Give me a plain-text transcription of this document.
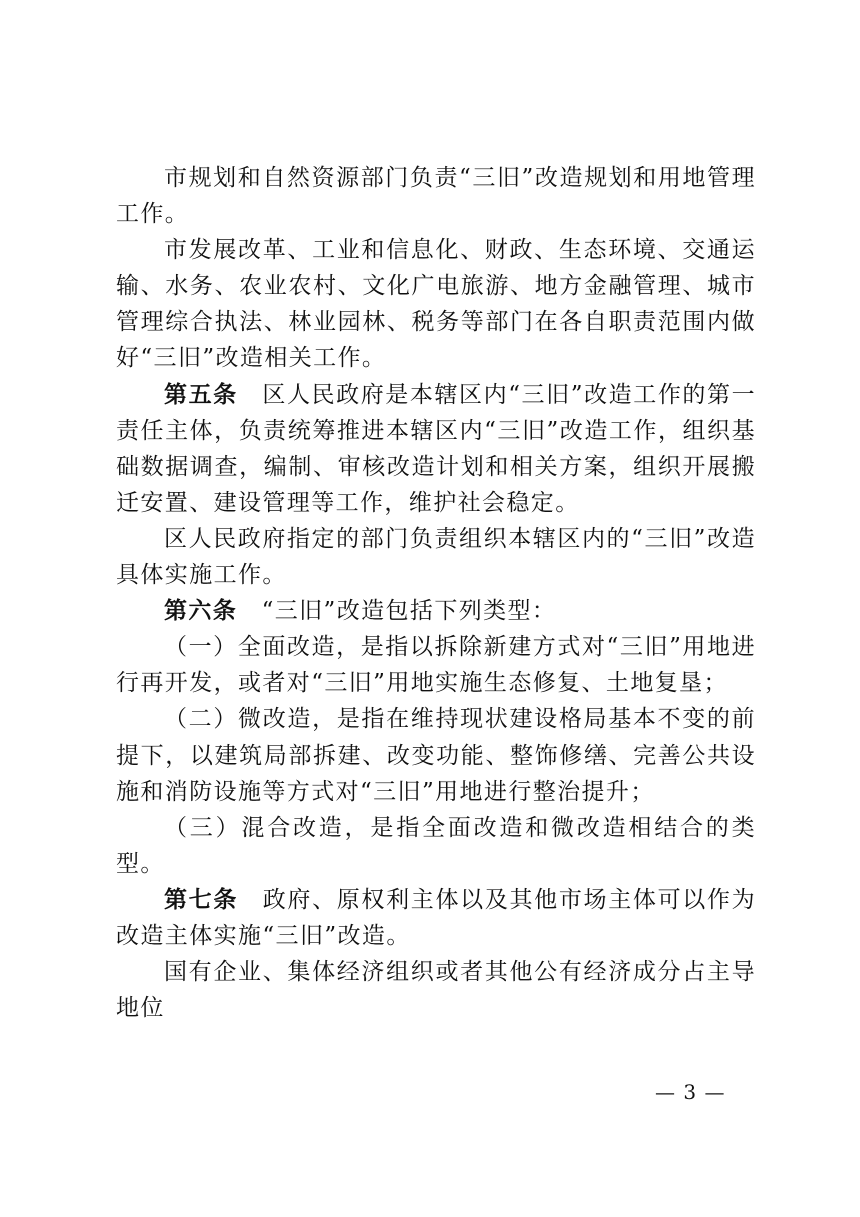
市规划和自然资源部门负责“三旧”改造规划和用地管理工作。

市发展改革、工业和信息化、财政、生态环境、交通运输、水务、农业农村、文化广电旅游、地方金融管理、城市管理综合执法、林业园林、税务等部门在各自职责范围内做好“三旧”改造相关工作。

第五条　区人民政府是本辖区内“三旧”改造工作的第一责任主体，负责统筹推进本辖区内“三旧”改造工作，组织基础数据调查，编制、审核改造计划和相关方案，组织开展搬迁安置、建设管理等工作，维护社会稳定。

区人民政府指定的部门负责组织本辖区内的“三旧”改造具体实施工作。

第六条　“三旧”改造包括下列类型：

（一）全面改造，是指以拆除新建方式对“三旧”用地进行再开发，或者对“三旧”用地实施生态修复、土地复垦；

（二）微改造，是指在维持现状建设格局基本不变的前提下，以建筑局部拆建、改变功能、整饰修缮、完善公共设施和消防设施等方式对“三旧”用地进行整治提升；

（三）混合改造，是指全面改造和微改造相结合的类型。

第七条　政府、原权利主体以及其他市场主体可以作为改造主体实施“三旧”改造。

国有企业、集体经济组织或者其他公有经济成分占主导地位

— 3 —
